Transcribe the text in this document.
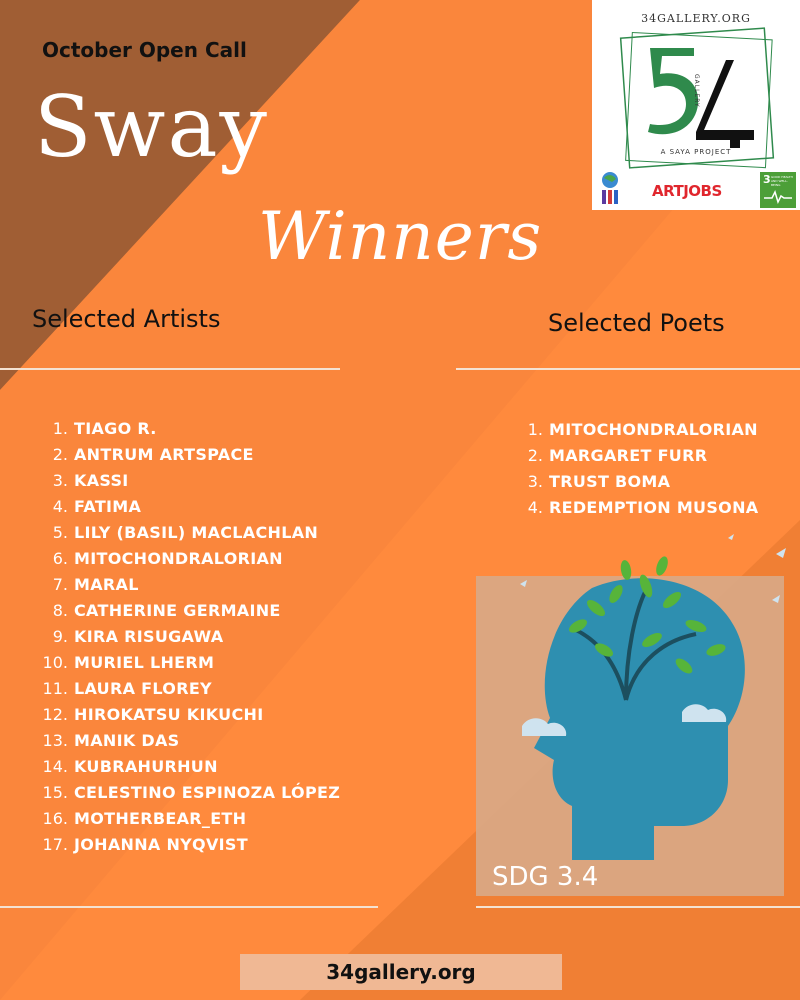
October Open Call
Sway
Winners
34GALLERY.ORG
GALLERY
A SAYA PROJECT
ARTJOBS
3 GOOD HEALTH AND WELL-BEING
Selected Artists	Selected Poets
1. TIAGO R.
2. ANTRUM ARTSPACE
3. KASSI
4. FATIMA
5. LILY (BASIL) MACLACHLAN
6. MITOCHONDRALORIAN
7. MARAL
8. CATHERINE GERMAINE
9. KIRA RISUGAWA
10. MURIEL LHERM
11. LAURA FLOREY
12. HIROKATSU KIKUCHI
13. MANIK DAS
14. KUBRAHURHUN
15. CELESTINO ESPINOZA LÓPEZ
16. MOTHERBEAR_ETH
17. JOHANNA NYQVIST
1. MITOCHONDRALORIAN
2. MARGARET FURR
3. TRUST BOMA
4. REDEMPTION MUSONA
SDG 3.4
34gallery.org
